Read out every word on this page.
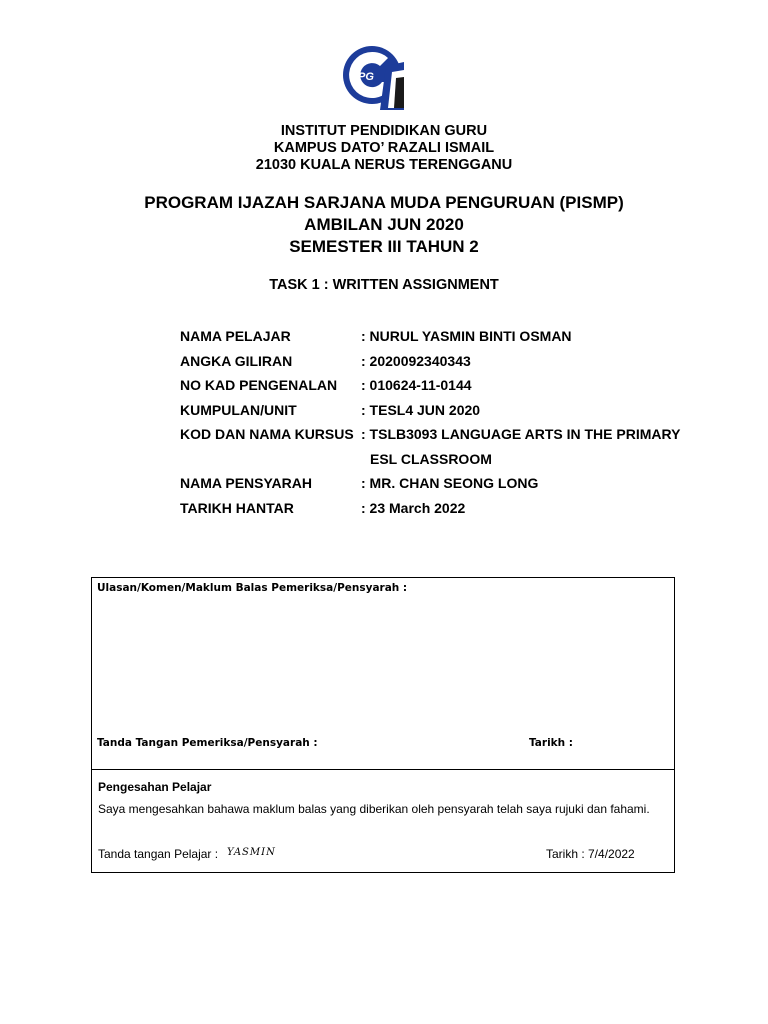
IPG
INSTITUT PENDIDIKAN GURU
KAMPUS DATO’ RAZALI ISMAIL
21030 KUALA NERUS TERENGGANU
PROGRAM IJAZAH SARJANA MUDA PENGURUAN (PISMP)
AMBILAN JUN 2020
SEMESTER III TAHUN 2
TASK 1 : WRITTEN ASSIGNMENT
NAMA PELAJAR	: NURUL YASMIN BINTI OSMAN
ANGKA GILIRAN	: 2020092340343
NO KAD PENGENALAN : 010624-11-0144
KUMPULAN/UNIT	: TESL4 JUN 2020
KOD DAN NAMA KURSUS : TSLB3093 LANGUAGE ARTS IN THE PRIMARY
ESL CLASSROOM
NAMA PENSYARAH	: MR. CHAN SEONG LONG
TARIKH HANTAR	: 23 March 2022
Ulasan/Komen/Maklum Balas Pemeriksa/Pensyarah :
Tanda Tangan Pemeriksa/Pensyarah :	Tarikh :
Pengesahan Pelajar
Saya mengesahkan bahawa maklum balas yang diberikan oleh pensyarah telah saya rujuki dan fahami.
Tanda tangan Pelajar : YASMIN	Tarikh : 7/4/2022
